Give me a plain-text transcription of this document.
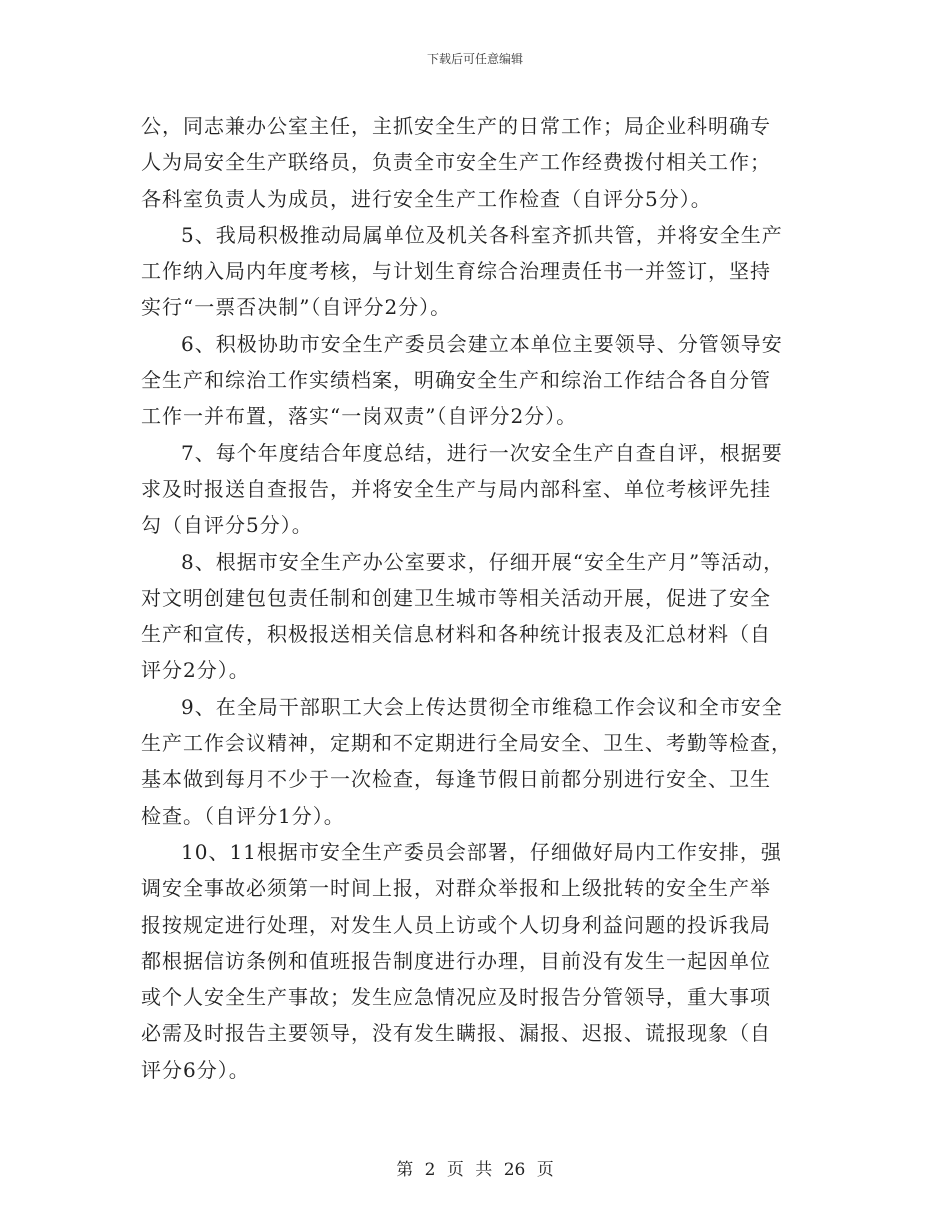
下载后可任意编辑
公，同志兼办公室主任，主抓安全生产的日常工作；局企业科明确专
人为局安全生产联络员，负责全市安全生产工作经费拨付相关工作；
各科室负责人为成员，进行安全生产工作检查（自评分5分）。
5、我局积极推动局属单位及机关各科室齐抓共管，并将安全生产
工作纳入局内年度考核，与计划生育综合治理责任书一并签订，坚持
实行“一票否决制”（自评分2分）。
6、积极协助市安全生产委员会建立本单位主要领导、分管领导安
全生产和综治工作实绩档案，明确安全生产和综治工作结合各自分管
工作一并布置，落实“一岗双责”（自评分2分）。
7、每个年度结合年度总结，进行一次安全生产自查自评，根据要
求及时报送自查报告，并将安全生产与局内部科室、单位考核评先挂
勾（自评分5分）。
8、根据市安全生产办公室要求，仔细开展“安全生产月”等活动，
对文明创建包包责任制和创建卫生城市等相关活动开展，促进了安全
生产和宣传，积极报送相关信息材料和各种统计报表及汇总材料（自
评分2分）。
9、在全局干部职工大会上传达贯彻全市维稳工作会议和全市安全
生产工作会议精神，定期和不定期进行全局安全、卫生、考勤等检查，
基本做到每月不少于一次检查，每逢节假日前都分别进行安全、卫生
检查。（自评分1分）。
10、11根据市安全生产委员会部署，仔细做好局内工作安排，强
调安全事故必须第一时间上报，对群众举报和上级批转的安全生产举
报按规定进行处理，对发生人员上访或个人切身利益问题的投诉我局
都根据信访条例和值班报告制度进行办理，目前没有发生一起因单位
或个人安全生产事故；发生应急情况应及时报告分管领导，重大事项
必需及时报告主要领导，没有发生瞒报、漏报、迟报、谎报现象（自
评分6分）。
第 2 页 共 26 页
